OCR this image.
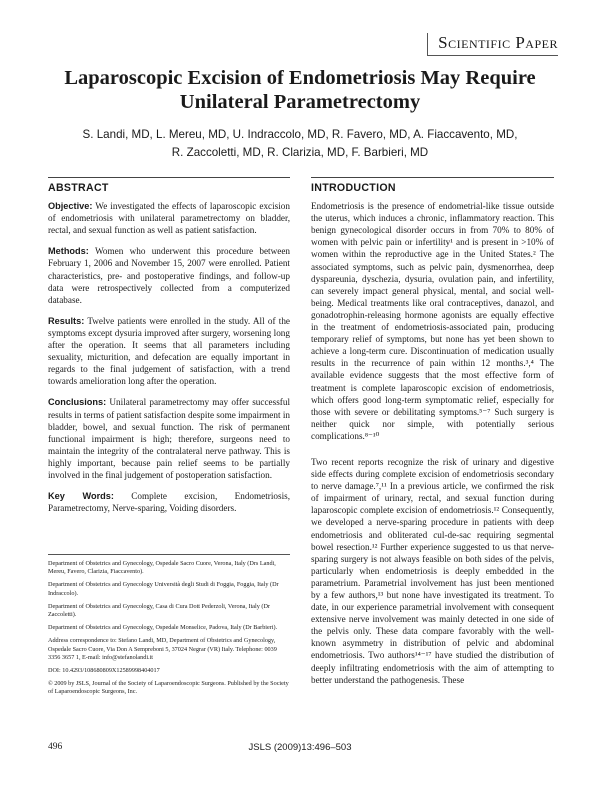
Scientific Paper
Laparoscopic Excision of Endometriosis May Require Unilateral Parametrectomy
S. Landi, MD, L. Mereu, MD, U. Indraccolo, MD, R. Favero, MD, A. Fiaccavento, MD,
R. Zaccoletti, MD, R. Clarizia, MD, F. Barbieri, MD
ABSTRACT

Objective: We investigated the effects of laparoscopic excision of endometriosis with unilateral parametrectomy on bladder, rectal, and sexual function as well as patient satisfaction.

Methods: Women who underwent this procedure between February 1, 2006 and November 15, 2007 were enrolled. Patient characteristics, pre- and postoperative findings, and follow-up data were retrospectively collected from a computerized database.

Results: Twelve patients were enrolled in the study. All of the symptoms except dysuria improved after surgery, worsening long after the operation. It seems that all parameters including sexuality, micturition, and defecation are equally important in regards to the final judgement of satisfaction, with a trend towards amelioration long after the operation.

Conclusions: Unilateral parametrectomy may offer successful results in terms of patient satisfaction despite some impairment in bladder, bowel, and sexual function. The risk of permanent functional impairment is high; therefore, surgeons need to maintain the integrity of the contralateral nerve pathway. This is highly important, because pain relief seems to be partially involved in the final judgement of postoperation satisfaction.

Key Words: Complete excision, Endometriosis, Parametrectomy, Nerve-sparing, Voiding disorders.

Department of Obstetrics and Gynecology, Ospedale Sacro Cuore, Verona, Italy (Drs Landi, Mereu, Favero, Clarizia, Fiaccavento).

Department of Obstetrics and Gynecology Università degli Studi di Foggia, Foggia, Italy (Dr Indraccolo).

Department of Obstetrics and Gynecology, Casa di Cura Dott Pederzoli, Verona, Italy (Dr Zaccoletti).

Department of Obstetrics and Gynecology, Ospedale Monselice, Padova, Italy (Dr Barbieri).

Address correspondence to: Stefano Landi, MD, Department of Obstetrics and Gynecology, Ospedale Sacro Cuore, Via Don A Sempreboni 5, 37024 Negrar (VR) Italy. Telephone: 0039 3356 3657 1, E-mail: info@stefanolandi.it

DOI: 10.4293/108680809X12589998404017

© 2009 by JSLS, Journal of the Society of Laparoendoscopic Surgeons. Published by the Society of Laparoendoscopic Surgeons, Inc.

INTRODUCTION

Endometriosis is the presence of endometrial-like tissue outside the uterus, which induces a chronic, inflammatory reaction. This benign gynecological disorder occurs in from 70% to 80% of women with pelvic pain or infertility¹ and is present in >10% of women within the reproductive age in the United States.² The associated symptoms, such as pelvic pain, dysmenorrhea, deep dyspareunia, dyschezia, dysuria, ovulation pain, and infertility, can severely impact general physical, mental, and social well-being. Medical treatments like oral contraceptives, danazol, and gonadotrophin-releasing hormone agonists are equally effective in the treatment of endometriosis-associated pain, producing temporary relief of symptoms, but none has yet been shown to achieve a long-term cure. Discontinuation of medication usually results in the recurrence of pain within 12 months.³,⁴ The available evidence suggests that the most effective form of treatment is complete laparoscopic excision of endometriosis, which offers good long-term symptomatic relief, especially for those with severe or debilitating symptoms.⁵⁻⁷ Such surgery is neither quick nor simple, with potentially serious complications.⁸⁻¹⁰

Two recent reports recognize the risk of urinary and digestive side effects during complete excision of endometriosis secondary to nerve damage.⁷,¹¹ In a previous article, we confirmed the risk of impairment of urinary, rectal, and sexual function during laparoscopic complete excision of endometriosis.¹² Consequently, we developed a nerve-sparing procedure in patients with deep endometriosis and obliterated cul-de-sac requiring segmental bowel resection.¹² Further experience suggested to us that nerve-sparing surgery is not always feasible on both sides of the pelvis, particularly when endometriosis is deeply embedded in the parametrium. Parametrial involvement has just been mentioned by a few authors,¹³ but none have investigated its treatment. To date, in our experience parametrial involvement with consequent extensive nerve involvement was mainly detected in one side of the pelvis only. These data compare favorably with the well-known asymmetry in distribution of pelvic and abdominal endometriosis. Two authors¹⁴⁻¹⁷ have studied the distribution of deeply infiltrating endometriosis with the aim of attempting to better understand the pathogenesis. These

496	JSLS (2009)13:496–503
